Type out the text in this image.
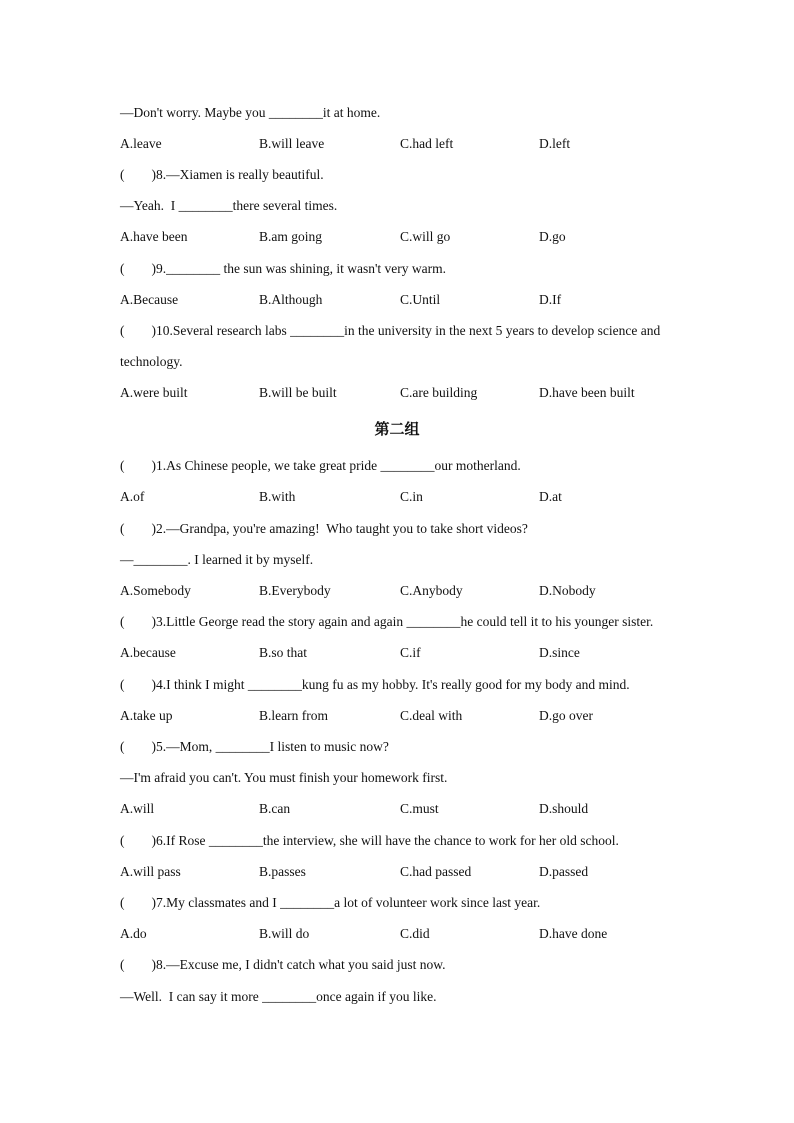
—Don't worry. Maybe you ________it at home.
A.leave	B.will leave	C.had left	D.left
(        )8.—Xiamen is really beautiful.
—Yeah.  I ________there several times.
A.have been	B.am going	C.will go	D.go
(        )9.________ the sun was shining, it wasn't very warm.
A.Because	B.Although	C.Until	D.If
(        )10.Several research labs ________in the university in the next 5 years to develop science and
technology.
A.were built	B.will be built	C.are building	D.have been built
第二组
(        )1.As Chinese people, we take great pride ________our motherland.
A.of	B.with	C.in	D.at
(        )2.—Grandpa, you're amazing!  Who taught you to take short videos?
—________. I learned it by myself.
A.Somebody	B.Everybody	C.Anybody	D.Nobody
(        )3.Little George read the story again and again ________he could tell it to his younger sister.
A.because	B.so that	C.if	D.since
(        )4.I think I might ________kung fu as my hobby. It's really good for my body and mind.
A.take up	B.learn from	C.deal with	D.go over
(        )5.—Mom, ________I listen to music now?
—I'm afraid you can't. You must finish your homework first.
A.will	B.can	C.must	D.should
(        )6.If Rose ________the interview, she will have the chance to work for her old school.
A.will pass	B.passes	C.had passed	D.passed
(        )7.My classmates and I ________a lot of volunteer work since last year.
A.do	B.will do	C.did	D.have done
(        )8.—Excuse me, I didn't catch what you said just now.
—Well.  I can say it more ________once again if you like.
